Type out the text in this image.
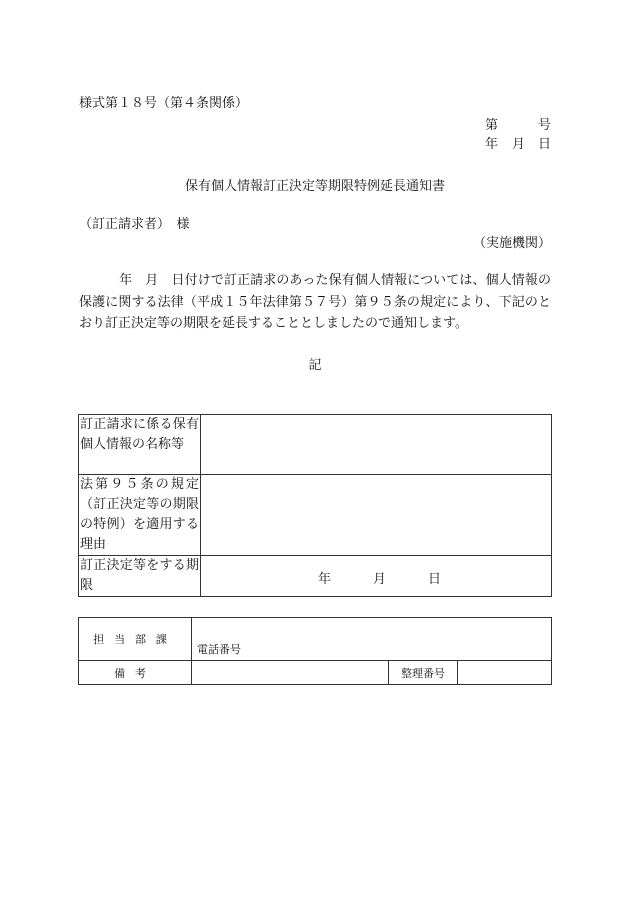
様式第１８号（第４条関係）
第	号
年 月 日
保有個人情報訂正決定等期限特例延長通知書
（訂正請求者）　様
（実施機関）
年　月　日付けで訂正請求のあった保有個人情報については、個人情報の保護に関する法律（平成１５年法律第５７号）第９５条の規定により、下記のとおり訂正決定等の期限を延長することとしましたので通知します。
記
訂正請求に係る保有個人情報の名称等	
法第９５条の規定（訂正決定等の期限の特例）を適用する理由	
訂正決定等をする期限	年 月 日
担当部課	電話番号		
備考		整理番号	
